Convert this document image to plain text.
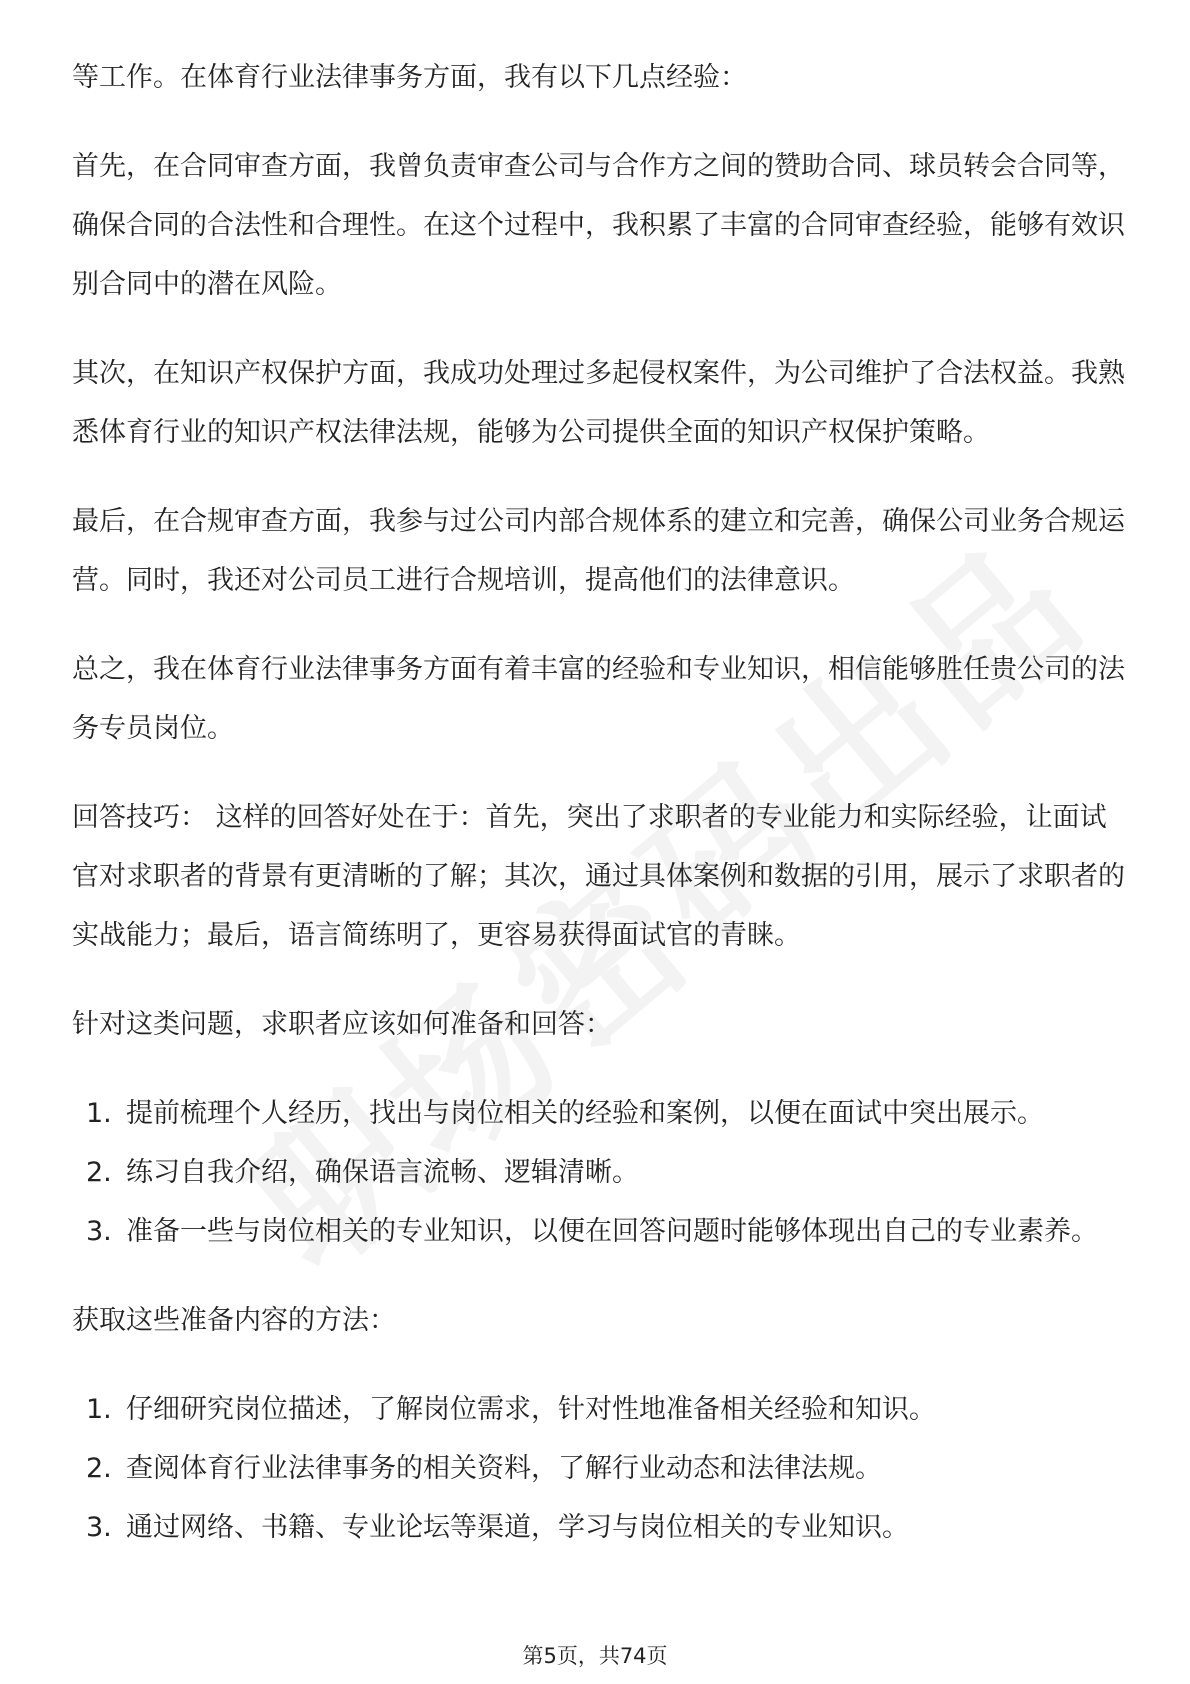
等工作。在体育行业法律事务方面，我有以下几点经验：

首先，在合同审查方面，我曾负责审查公司与合作方之间的赞助合同、球员转会合同等，确保合同的合法性和合理性。在这个过程中，我积累了丰富的合同审查经验，能够有效识别合同中的潜在风险。

其次，在知识产权保护方面，我成功处理过多起侵权案件，为公司维护了合法权益。我熟悉体育行业的知识产权法律法规，能够为公司提供全面的知识产权保护策略。

最后，在合规审查方面，我参与过公司内部合规体系的建立和完善，确保公司业务合规运营。同时，我还对公司员工进行合规培训，提高他们的法律意识。

总之，我在体育行业法律事务方面有着丰富的经验和专业知识，相信能够胜任贵公司的法务专员岗位。

回答技巧： 这样的回答好处在于：首先，突出了求职者的专业能力和实际经验，让面试官对求职者的背景有更清晰的了解；其次，通过具体案例和数据的引用，展示了求职者的实战能力；最后，语言简练明了，更容易获得面试官的青睐。

针对这类问题，求职者应该如何准备和回答：

1. 提前梳理个人经历，找出与岗位相关的经验和案例，以便在面试中突出展示。
2. 练习自我介绍，确保语言流畅、逻辑清晰。
3. 准备一些与岗位相关的专业知识，以便在回答问题时能够体现出自己的专业素养。

获取这些准备内容的方法：

1. 仔细研究岗位描述，了解岗位需求，针对性地准备相关经验和知识。
2. 查阅体育行业法律事务的相关资料，了解行业动态和法律法规。
3. 通过网络、书籍、专业论坛等渠道，学习与岗位相关的专业知识。
第5页，共74页
